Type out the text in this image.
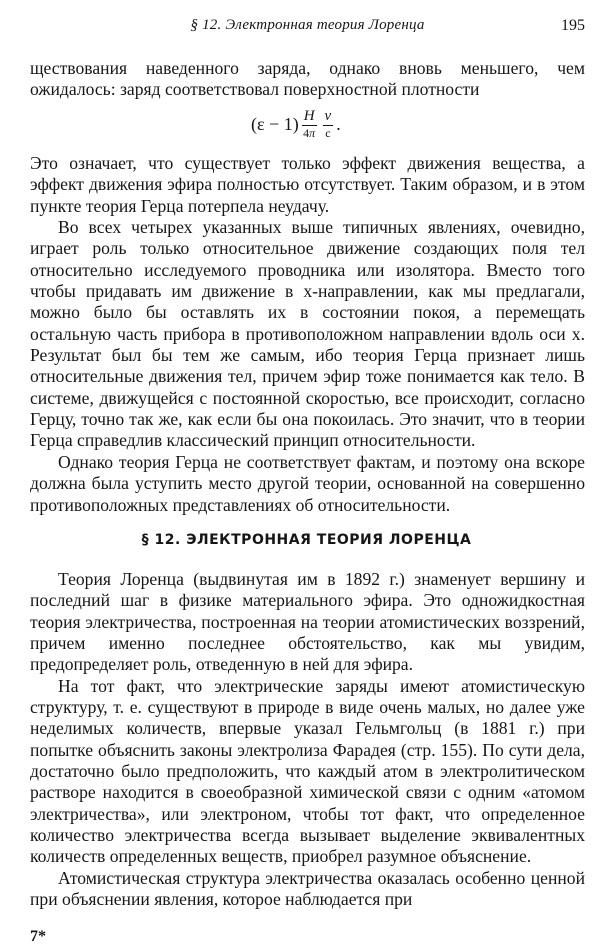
§ 12. Электронная теория Лоренца	195

ществования наведенного заряда, однако вновь меньшего, чем ожидалось: заряд соответствовал поверхностной плотности

$(\varepsilon - 1) \frac{H}{4\pi} \frac{v}{c}$ .

Это означает, что существует только эффект движения вещества, а эффект движения эфира полностью отсутствует. Таким образом, и в этом пункте теория Герца потерпела неудачу.

Во всех четырех указанных выше типичных явлениях, очевидно, играет роль только относительное движение создающих поля тел относительно исследуемого проводника или изолятора. Вместо того чтобы придавать им движение в x-направлении, как мы предлагали, можно было бы оставлять их в состоянии покоя, а перемещать остальную часть прибора в противоположном направлении вдоль оси x. Результат был бы тем же самым, ибо теория Герца признает лишь относительные движения тел, причем эфир тоже понимается как тело. В системе, движущейся с постоянной скоростью, все происходит, согласно Герцу, точно так же, как если бы она покоилась. Это значит, что в теории Герца справедлив классический принцип относительности.

Однако теория Герца не соответствует фактам, и поэтому она вскоре должна была уступить место другой теории, основанной на совершенно противоположных представлениях об относительности.

§ 12. ЭЛЕКТРОННАЯ ТЕОРИЯ ЛОРЕНЦА

Теория Лоренца (выдвинутая им в 1892 г.) знаменует вершину и последний шаг в физике материального эфира. Это одножидкостная теория электричества, построенная на теории атомистических воззрений, причем именно последнее обстоятельство, как мы увидим, предопределяет роль, отведенную в ней для эфира.

На тот факт, что электрические заряды имеют атомистическую структуру, т. е. существуют в природе в виде очень малых, но далее уже неделимых количеств, впервые указал Гельмгольц (в 1881 г.) при попытке объяснить законы электролиза Фарадея (стр. 155). По сути дела, достаточно было предположить, что каждый атом в электролитическом растворе находится в своеобразной химической связи с одним «атомом электричества», или электроном, чтобы тот факт, что определенное количество электричества всегда вызывает выделение эквивалентных количеств определенных веществ, приобрел разумное объяснение.

Атомистическая структура электричества оказалась особенно ценной при объяснении явления, которое наблюдается при

7*
